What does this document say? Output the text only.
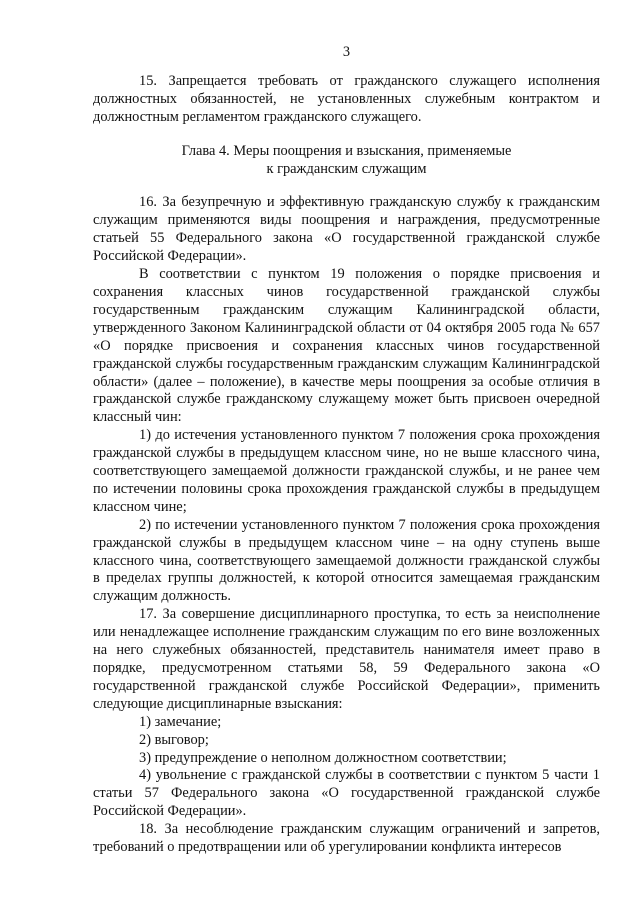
3

15. Запрещается требовать от гражданского служащего исполнения должностных обязанностей, не установленных служебным контрактом и должностным регламентом гражданского служащего.

Глава 4. Меры поощрения и взыскания, применяемые
к гражданским служащим

16. За безупречную и эффективную гражданскую службу к гражданским служащим применяются виды поощрения и награждения, предусмотренные статьей 55 Федерального закона «О государственной гражданской службе Российской Федерации».

В соответствии с пунктом 19 положения о порядке присвоения и сохранения классных чинов государственной гражданской службы государственным гражданским служащим Калининградской области, утвержденного Законом Калининградской области от 04 октября 2005 года № 657 «О порядке присвоения и сохранения классных чинов государственной гражданской службы государственным гражданским служащим Калининградской области» (далее – положение), в качестве меры поощрения за особые отличия в гражданской службе гражданскому служащему может быть присвоен очередной классный чин:

1) до истечения установленного пунктом 7 положения срока прохождения гражданской службы в предыдущем классном чине, но не выше классного чина, соответствующего замещаемой должности гражданской службы, и не ранее чем по истечении половины срока прохождения гражданской службы в предыдущем классном чине;

2) по истечении установленного пунктом 7 положения срока прохождения гражданской службы в предыдущем классном чине – на одну ступень выше классного чина, соответствующего замещаемой должности гражданской службы в пределах группы должностей, к которой относится замещаемая гражданским служащим должность.

17. За совершение дисциплинарного проступка, то есть за неисполнение или ненадлежащее исполнение гражданским служащим по его вине возложенных на него служебных обязанностей, представитель нанимателя имеет право в порядке, предусмотренном статьями 58, 59 Федерального закона «О государственной гражданской службе Российской Федерации», применить следующие дисциплинарные взыскания:

1) замечание;

2) выговор;

3) предупреждение о неполном должностном соответствии;

4) увольнение с гражданской службы в соответствии с пунктом 5 части 1 статьи 57 Федерального закона «О государственной гражданской службе Российской Федерации».

18. За несоблюдение гражданским служащим ограничений и запретов, требований о предотвращении или об урегулировании конфликта интересов
